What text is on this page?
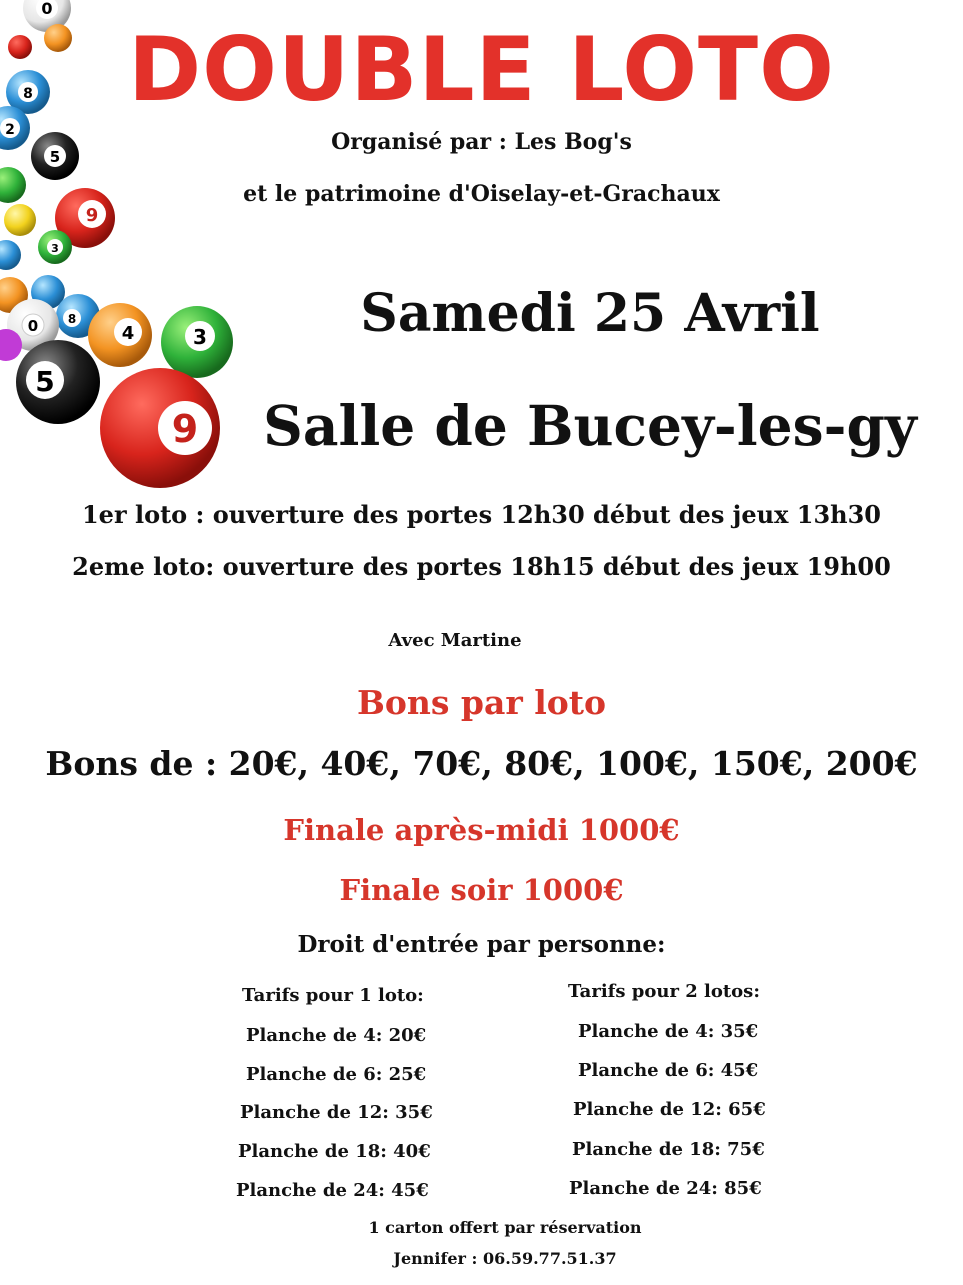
0
8
2
5
9
3
8
0	4	3
5
9
DOUBLE LOTO
Organisé par : Les Bog's
et le patrimoine d'Oiselay-et-Grachaux
Samedi 25 Avril
Salle de Bucey-les-gy
1er loto : ouverture des portes 12h30 début des jeux 13h30
2eme loto: ouverture des portes 18h15 début des jeux 19h00
Avec Martine
Bons par loto
Bons de : 20€, 40€, 70€, 80€, 100€, 150€, 200€
Finale après-midi 1000€
Finale soir 1000€
Droit d'entrée par personne:
Tarifs pour 1 loto:
Planche de 4: 20€
Planche de 6: 25€
Planche de 12: 35€
Planche de 18: 40€
Planche de 24: 45€
Tarifs pour 2 lotos:
Planche de 4: 35€
Planche de 6: 45€
Planche de 12: 65€
Planche de 18: 75€
Planche de 24: 85€
1 carton offert par réservation
Jennifer : 06.59.77.51.37
